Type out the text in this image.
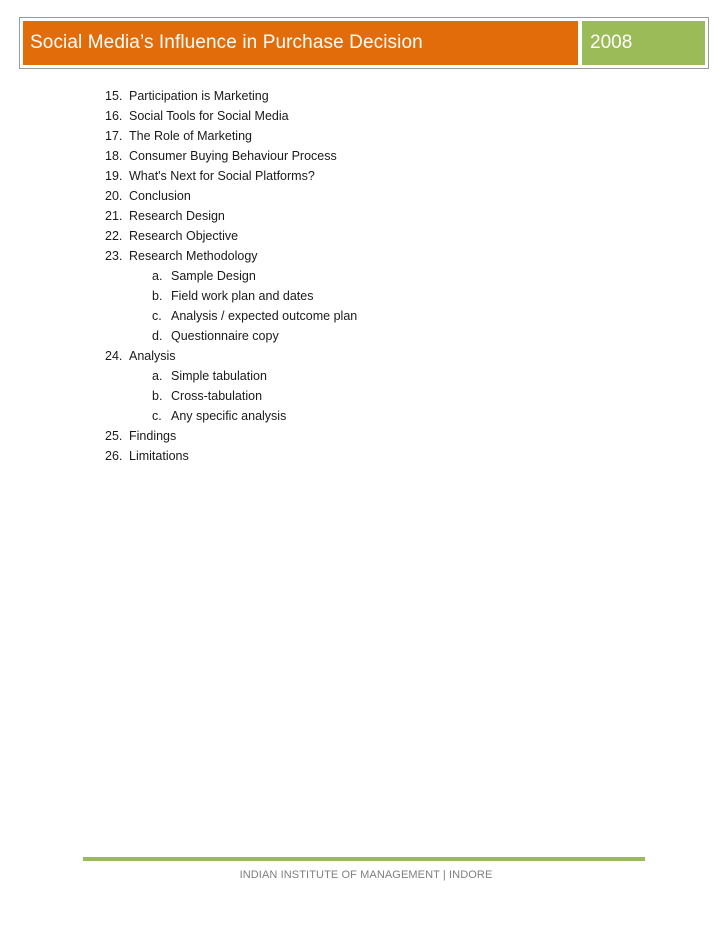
Social Media’s Influence in Purchase Decision	2008
15. Participation is Marketing
16. Social Tools for Social Media
17. The Role of Marketing
18. Consumer Buying Behaviour Process
19. What's Next for Social Platforms?
20. Conclusion
21. Research Design
22. Research Objective
23. Research Methodology
a. Sample Design
b. Field work plan and dates
c. Analysis / expected outcome plan
d. Questionnaire copy
24. Analysis
a. Simple tabulation
b. Cross-tabulation
c. Any specific analysis
25. Findings
26. Limitations
INDIAN INSTITUTE OF MANAGEMENT | INDORE
